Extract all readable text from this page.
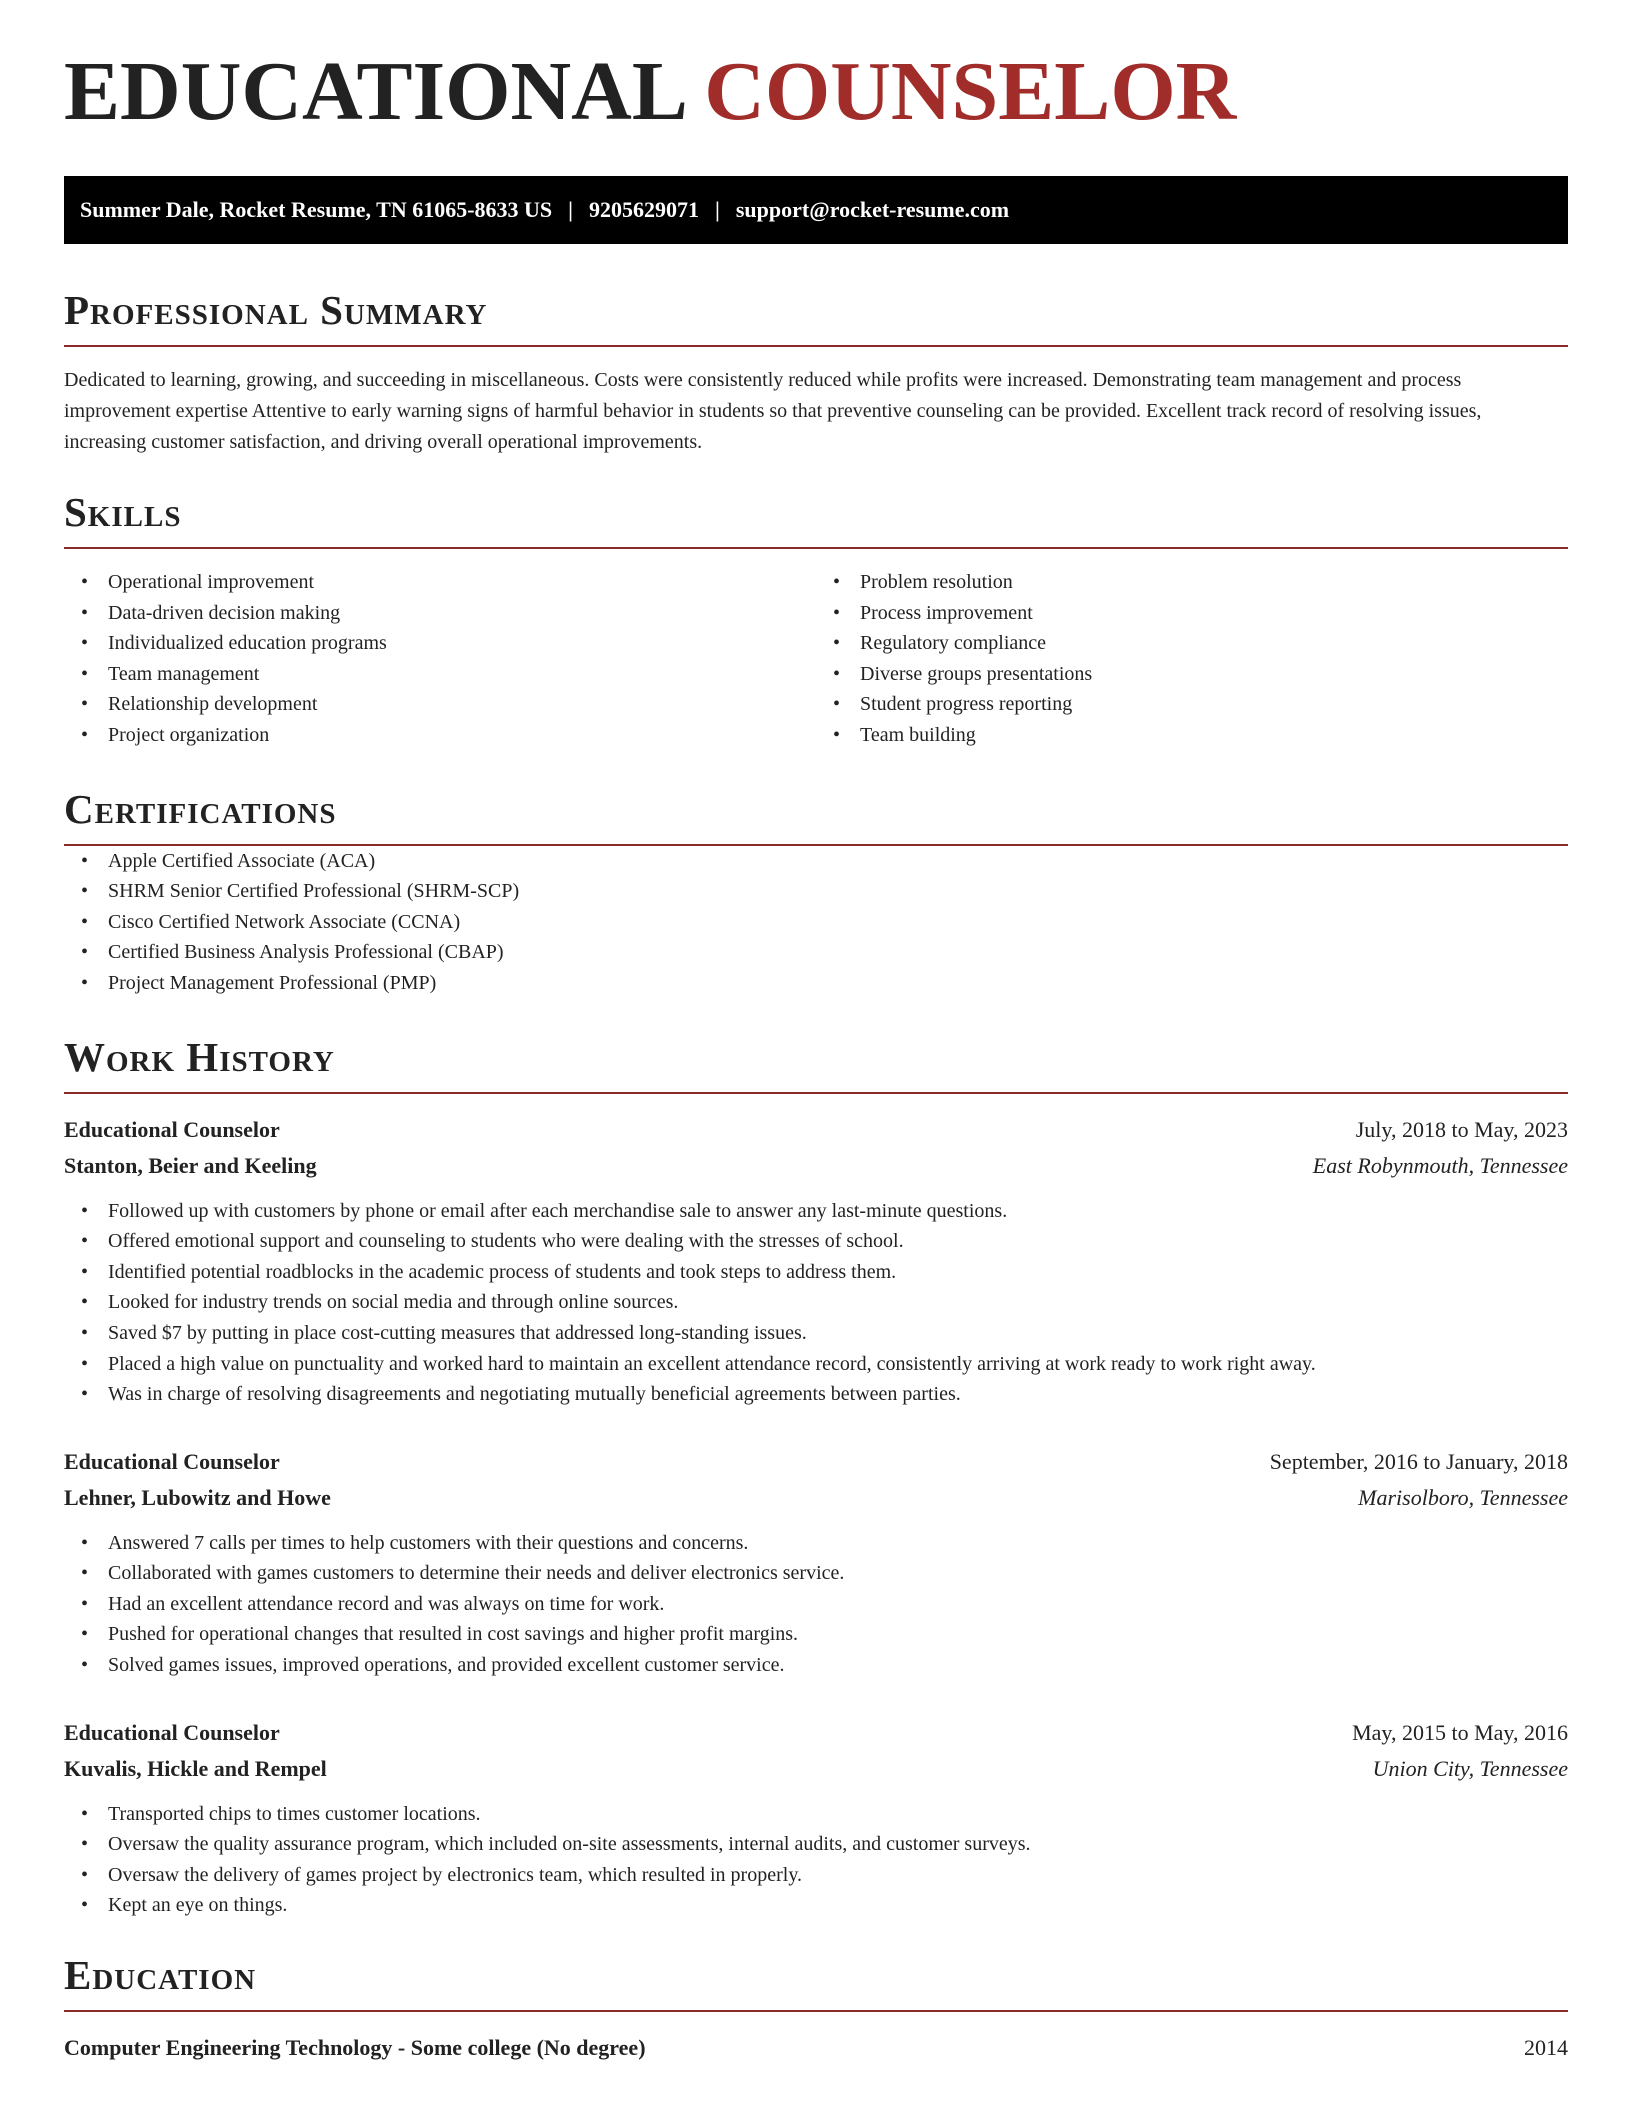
EDUCATIONAL COUNSELOR
Summer Dale, Rocket Resume, TN 61065-8633 US | 9205629071 | support@rocket-resume.com
Professional Summary

Dedicated to learning, growing, and succeeding in miscellaneous. Costs were consistently reduced while profits were increased. Demonstrating team management and process improvement expertise Attentive to early warning signs of harmful behavior in students so that preventive counseling can be provided. Excellent track record of resolving issues, increasing customer satisfaction, and driving overall operational improvements.

Skills
• Operational improvement
• Data-driven decision making
• Individualized education programs
• Team management
• Relationship development
• Project organization
• Problem resolution
• Process improvement
• Regulatory compliance
• Diverse groups presentations
• Student progress reporting
• Team building
Certifications
• Apple Certified Associate (ACA)
• SHRM Senior Certified Professional (SHRM-SCP)
• Cisco Certified Network Associate (CCNA)
• Certified Business Analysis Professional (CBAP)
• Project Management Professional (PMP)
Work History
Educational Counselor	July, 2018 to May, 2023
Stanton, Beier and Keeling	East Robynmouth, Tennessee
• Followed up with customers by phone or email after each merchandise sale to answer any last-minute questions.
• Offered emotional support and counseling to students who were dealing with the stresses of school.
• Identified potential roadblocks in the academic process of students and took steps to address them.
• Looked for industry trends on social media and through online sources.
• Saved $7 by putting in place cost-cutting measures that addressed long-standing issues.
• Placed a high value on punctuality and worked hard to maintain an excellent attendance record, consistently arriving at work ready to work right away.
• Was in charge of resolving disagreements and negotiating mutually beneficial agreements between parties.
Educational Counselor	September, 2016 to January, 2018
Lehner, Lubowitz and Howe	Marisolboro, Tennessee
• Answered 7 calls per times to help customers with their questions and concerns.
• Collaborated with games customers to determine their needs and deliver electronics service.
• Had an excellent attendance record and was always on time for work.
• Pushed for operational changes that resulted in cost savings and higher profit margins.
• Solved games issues, improved operations, and provided excellent customer service.
Educational Counselor	May, 2015 to May, 2016
Kuvalis, Hickle and Rempel	Union City, Tennessee
• Transported chips to times customer locations.
• Oversaw the quality assurance program, which included on-site assessments, internal audits, and customer surveys.
• Oversaw the delivery of games project by electronics team, which resulted in properly.
• Kept an eye on things.
Education
Computer Engineering Technology - Some college (No degree)	2014
